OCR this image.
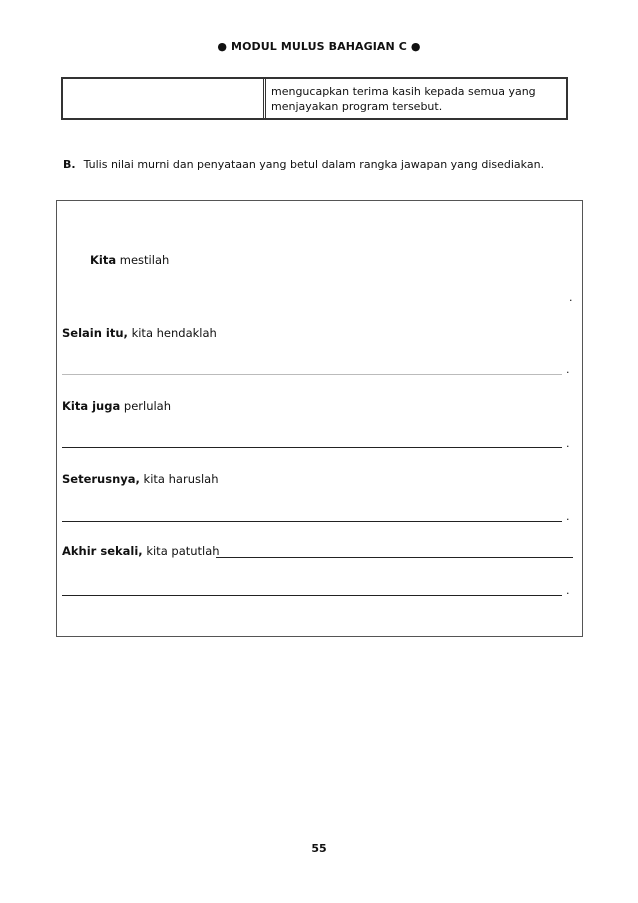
● MODUL MULUS BAHAGIAN C ●
mengucapkan terima kasih kepada semua yang
menjayakan program tersebut.
B. Tulis nilai murni dan penyataan yang betul dalam rangka jawapan yang disediakan.
Kita mestilah
.
Selain itu, kita hendaklah
.
Kita juga perlulah
.
Seterusnya, kita haruslah
.
Akhir sekali, kita patutlah
.
55
